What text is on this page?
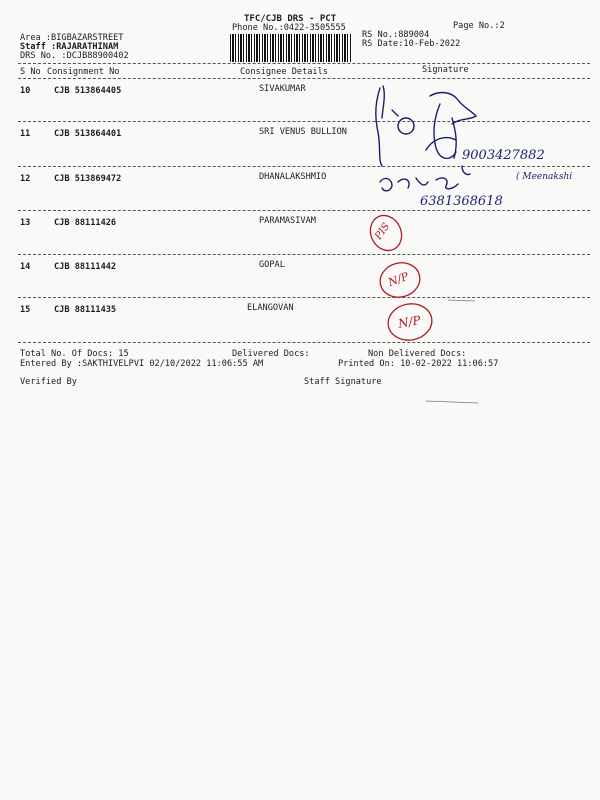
TFC/CJB DRS - PCT
Phone No.:0422-3505555	Page No.:2
Area :BIGBAZARSTREET
Staff :RAJARATHINAM
DRS No. :DCJB88900402
RS No.:889004
RS Date:10-Feb-2022
S No Consignment No	Consignee Details	Signature
10	CJB 513864405	SIVAKUMAR
11	CJB 513864401	SRI VENUS BULLION
12	CJB 513869472	DHANALAKSHMIO
13	CJB 88111426	PARAMASIVAM
14	CJB 88111442	GOPAL
15	CJB 88111435	ELANGOVAN
Total No. Of Docs: 15	Delivered Docs:	Non Delivered Docs:
Entered By :SAKTHIVELPVI 02/10/2022 11:06:55 AM	Printed On: 10-02-2022 11:06:57
Verified By	Staff Signature
9003427882
( Meenakshi
6381368618
PIS
N/P
N/P
